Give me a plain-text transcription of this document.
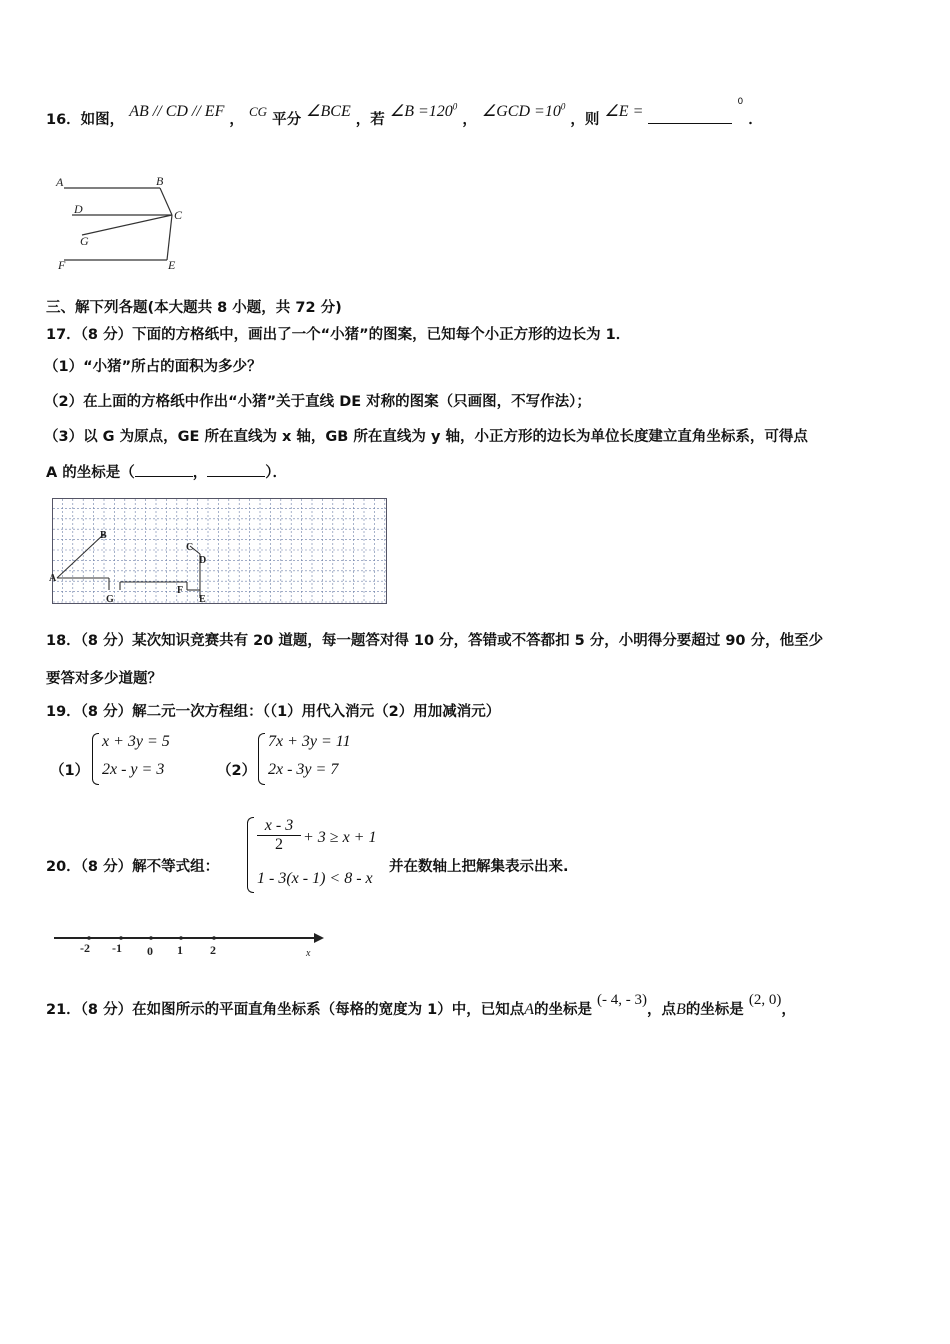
16．如图， AB // CD // EF ， CG 平分 ∠BCE ，若 ∠B $=120^0$ ， ∠GCD $=10^0$ ，则 ∠E =  $^0$ ．
A	B
C
D
G
F	E
三、解下列各题(本大题共 8 小题，共 72 分)
17．（8 分）下面的方格纸中，画出了一个“小猪”的图案，已知每个小正方形的边长为 1．
（1）“小猪”所占的面积为多少？
（2）在上面的方格纸中作出“小猪”关于直线 DE 对称的图案（只画图，不写作法）；
（3）以 G 为原点，GE 所在直线为 x 轴，GB 所在直线为 y 轴，小正方形的边长为单位长度建立直角坐标系，可得点
A 的坐标是（	，	）．
A
B
C
D
G
F
E
18．（8 分）某次知识竞赛共有 20 道题，每一题答对得 10 分，答错或不答都扣 5 分，小明得分要超过 90 分，他至少
要答对多少道题？
19．（8 分）解二元一次方程组：（（1）用代入消元（2）用加减消元）
（1）
x + 3y = 5
2x - y = 3	（2）
7x + 3y = 11
2x - 3y = 7
20．（8 分）解不等式组：
$\frac{x - 3}{2} + 3 \ge x + 1$
1 - 3(x - 1) < 8 - x
并在数轴上把解集表示出来.
-2 -1 0 1 2	x
21．（8 分）在如图所示的平面直角坐标系（每格的宽度为 1）中，已知点A的坐标是 (- 4, - 3)，点B的坐标是 (2, 0)，
